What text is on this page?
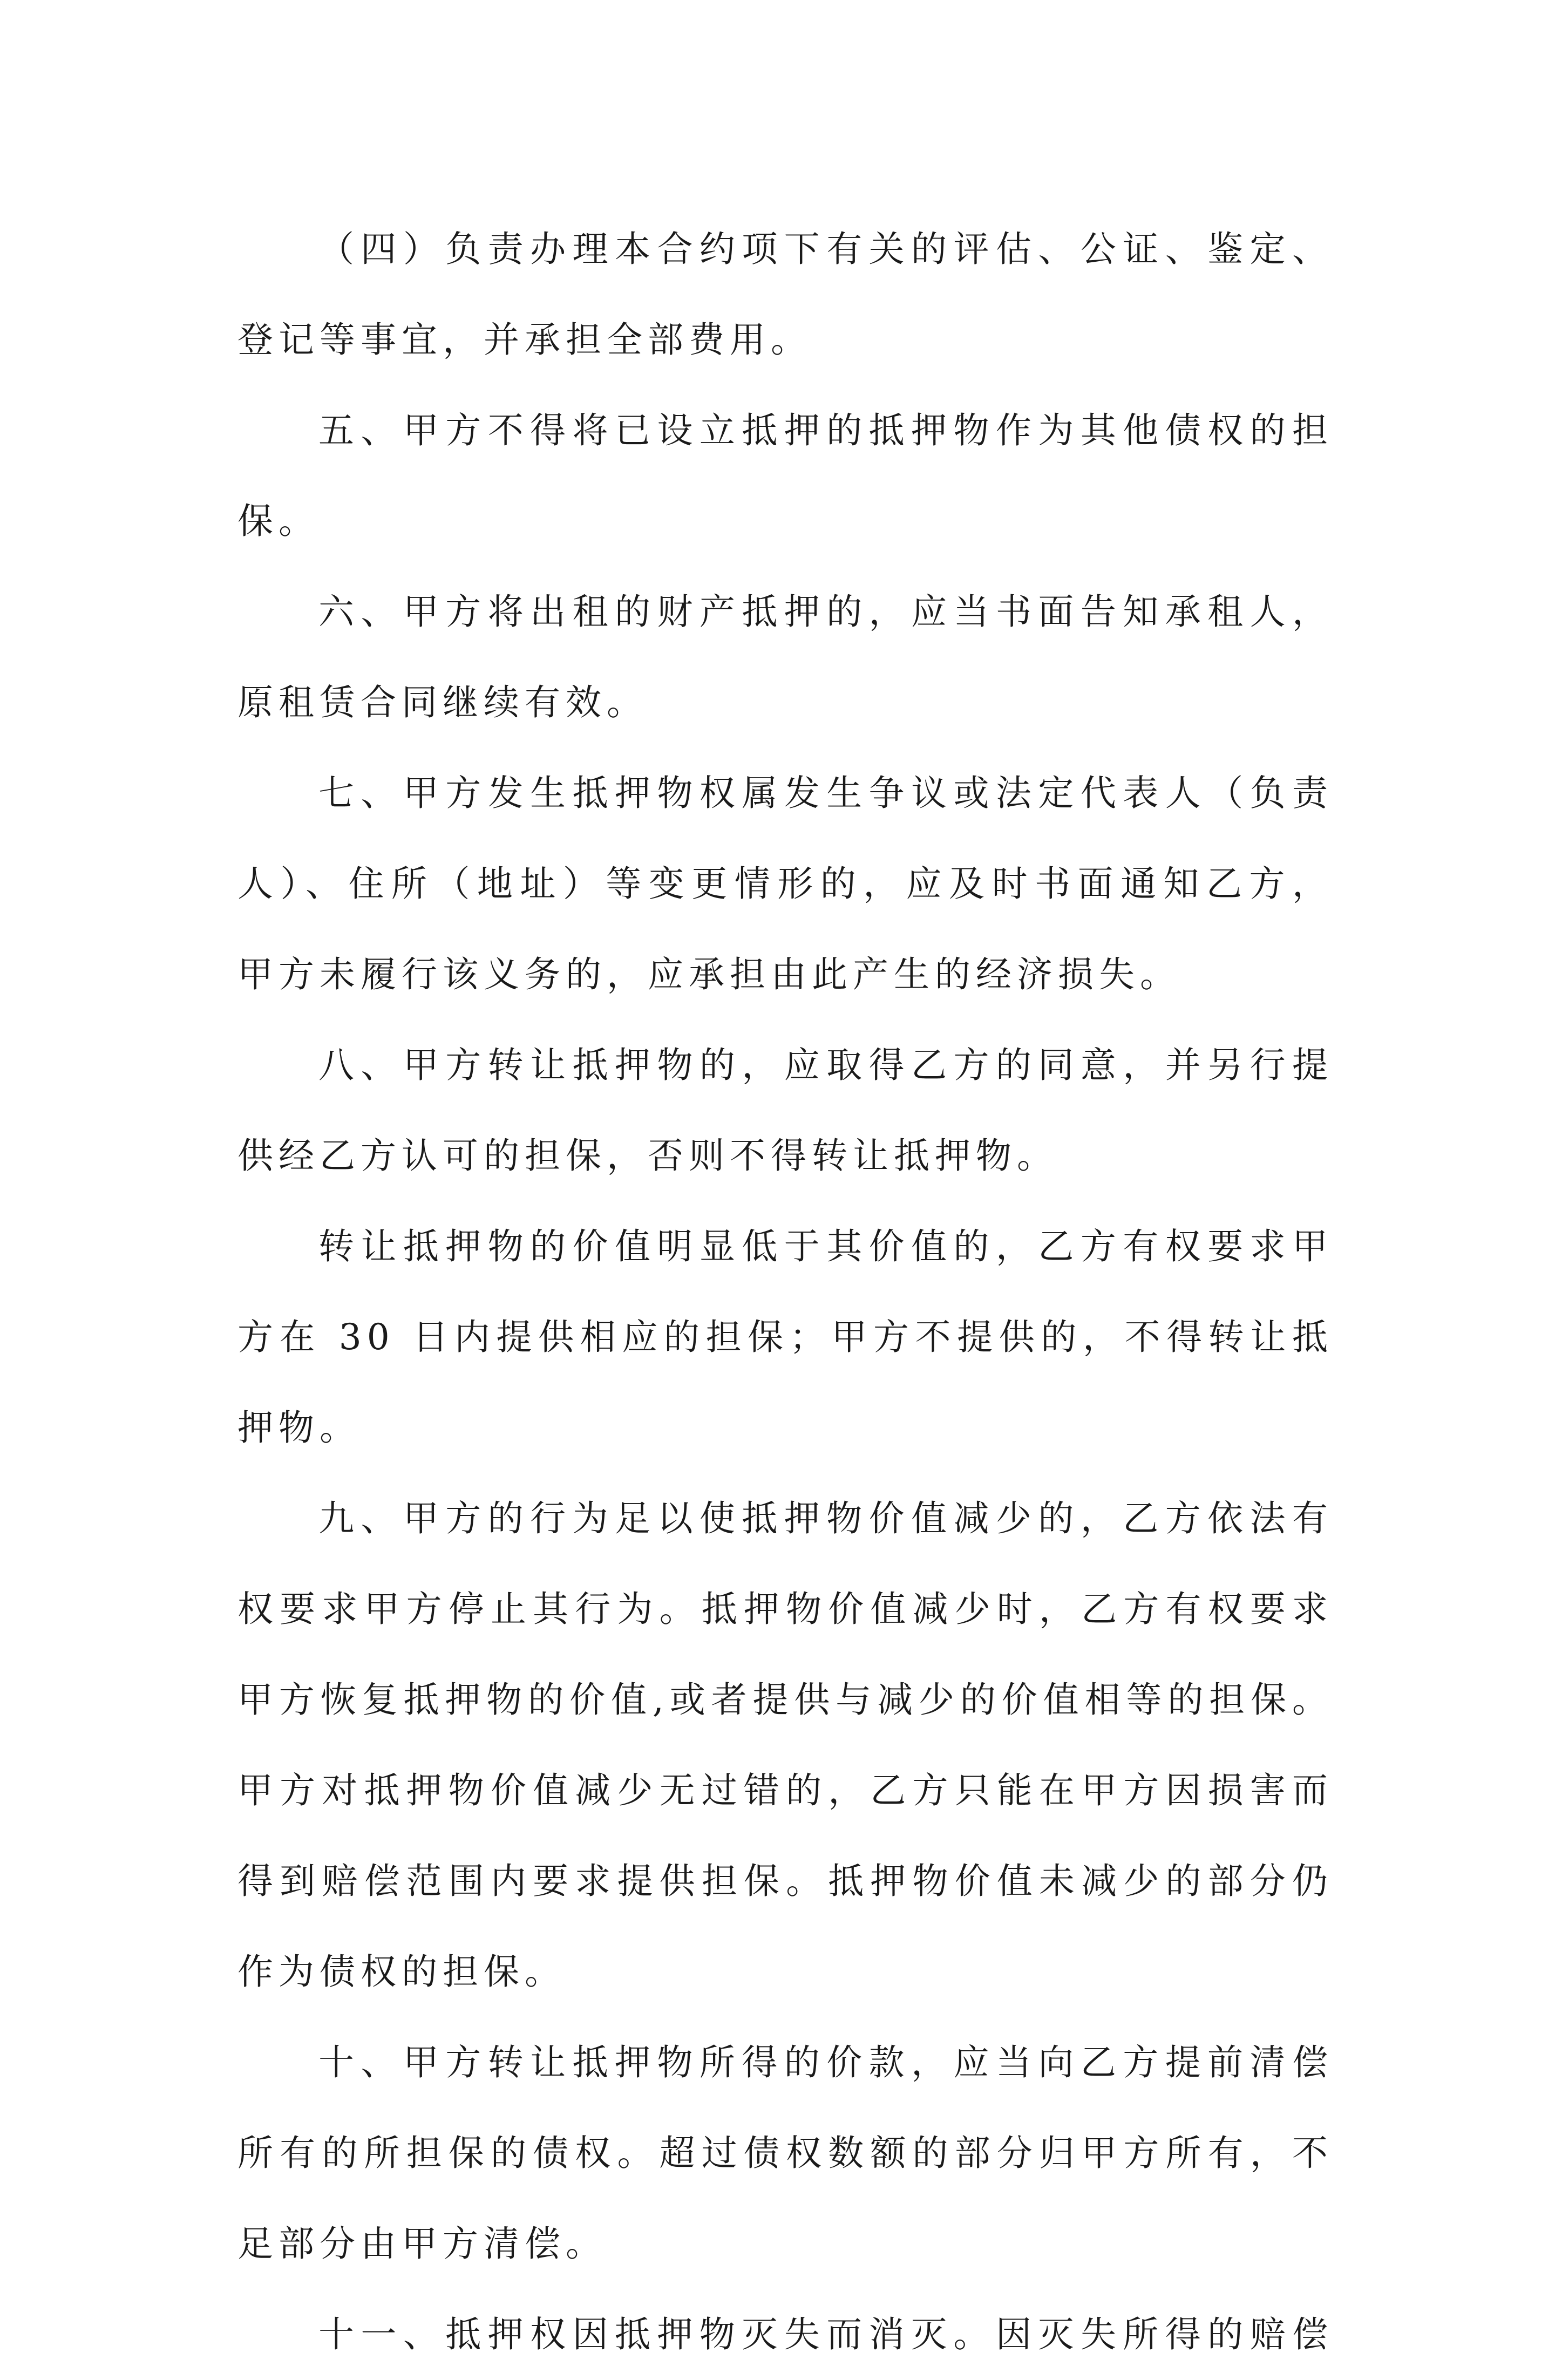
（四）负责办理本合约项下有关的评估、公证、鉴定、
登记等事宜，并承担全部费用。

五、甲方不得将已设立抵押的抵押物作为其他债权的担
保。

六、甲方将出租的财产抵押的，应当书面告知承租人，
原租赁合同继续有效。

七、甲方发生抵押物权属发生争议或法定代表人（负责
人）、住所（地址）等变更情形的，应及时书面通知乙方，
甲方未履行该义务的，应承担由此产生的经济损失。

八、甲方转让抵押物的，应取得乙方的同意，并另行提
供经乙方认可的担保，否则不得转让抵押物。

转让抵押物的价值明显低于其价值的，乙方有权要求甲
方在 30 日内提供相应的担保；甲方不提供的，不得转让抵
押物。

九、甲方的行为足以使抵押物价值减少的，乙方依法有
权要求甲方停止其行为。抵押物价值减少时，乙方有权要求
甲方恢复抵押物的价值,或者提供与减少的价值相等的担保。
甲方对抵押物价值减少无过错的，乙方只能在甲方因损害而
得到赔偿范围内要求提供担保。抵押物价值未减少的部分仍
作为债权的担保。

十、甲方转让抵押物所得的价款，应当向乙方提前清偿
所有的所担保的债权。超过债权数额的部分归甲方所有，不
足部分由甲方清偿。

十一、抵押权因抵押物灭失而消灭。因灭失所得的赔偿
